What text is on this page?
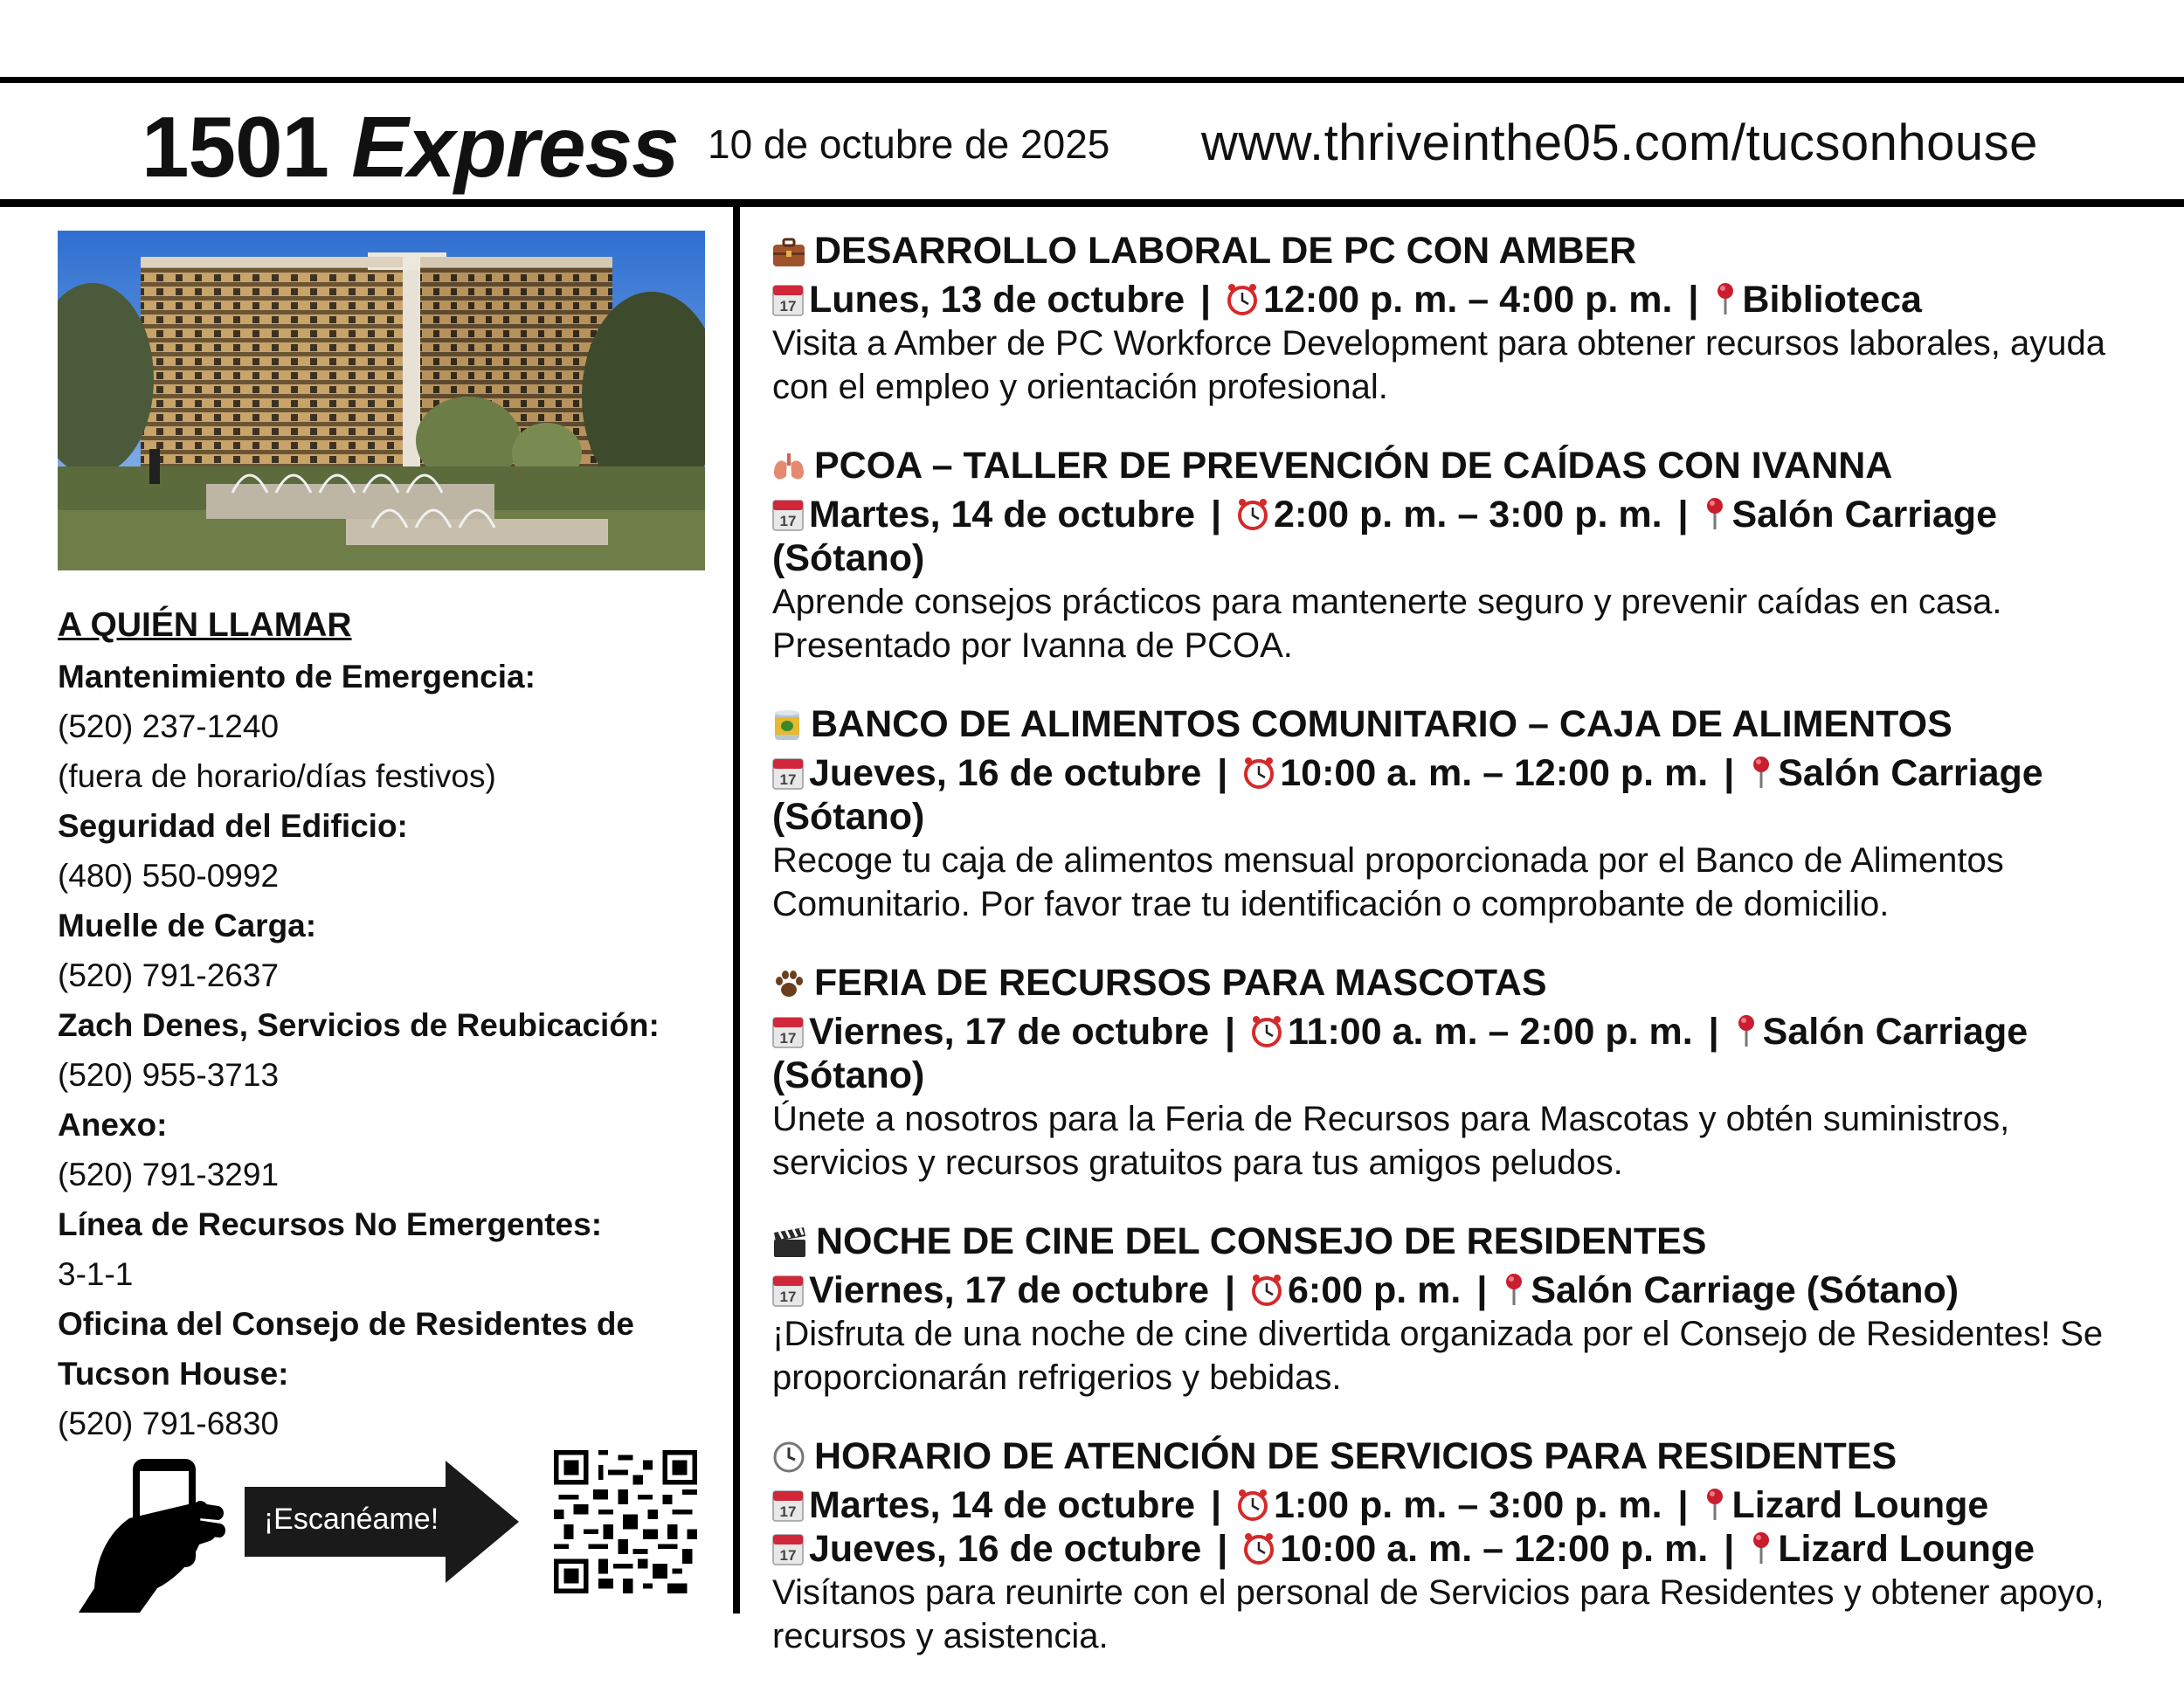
1501 Express 10 de octubre de 2025 www.thriveinthe05.com/tucsonhouse
A QUIÉN LLAMAR
Mantenimiento de Emergencia:
(520) 237-1240
(fuera de horario/días festivos)
Seguridad del Edificio:
(480) 550-0992
Muelle de Carga:
(520) 791-2637
Zach Denes, Servicios de Reubicación:
(520) 955-3713
Anexo:
(520) 791-3291
Línea de Recursos No Emergentes:
3-1-1
Oficina del Consejo de Residentes de
Tucson House:
(520) 791-6830
¡Escanéame!
DESARROLLO LABORAL DE PC CON AMBER
17 Lunes, 13 de octubre | 12:00 p. m. – 4:00 p. m. | Biblioteca
Visita a Amber de PC Workforce Development para obtener recursos laborales, ayuda con el empleo y orientación profesional.
PCOA – TALLER DE PREVENCIÓN DE CAÍDAS CON IVANNA
17 Martes, 14 de octubre | 2:00 p. m. – 3:00 p. m. | Salón Carriage
(Sótano)
Aprende consejos prácticos para mantenerte seguro y prevenir caídas en casa. Presentado por Ivanna de PCOA.
BANCO DE ALIMENTOS COMUNITARIO – CAJA DE ALIMENTOS
17 Jueves, 16 de octubre | 10:00 a. m. – 12:00 p. m. | Salón Carriage
(Sótano)
Recoge tu caja de alimentos mensual proporcionada por el Banco de Alimentos Comunitario. Por favor trae tu identificación o comprobante de domicilio.
FERIA DE RECURSOS PARA MASCOTAS
17 Viernes, 17 de octubre | 11:00 a. m. – 2:00 p. m. | Salón Carriage
(Sótano)
Únete a nosotros para la Feria de Recursos para Mascotas y obtén suministros, servicios y recursos gratuitos para tus amigos peludos.
NOCHE DE CINE DEL CONSEJO DE RESIDENTES
17 Viernes, 17 de octubre | 6:00 p. m. | Salón Carriage (Sótano)
¡Disfruta de una noche de cine divertida organizada por el Consejo de Residentes! Se proporcionarán refrigerios y bebidas.
HORARIO DE ATENCIÓN DE SERVICIOS PARA RESIDENTES
17 Martes, 14 de octubre | 1:00 p. m. – 3:00 p. m. | Lizard Lounge
17 Jueves, 16 de octubre | 10:00 a. m. – 12:00 p. m. | Lizard Lounge
Visítanos para reunirte con el personal de Servicios para Residentes y obtener apoyo, recursos y asistencia.
